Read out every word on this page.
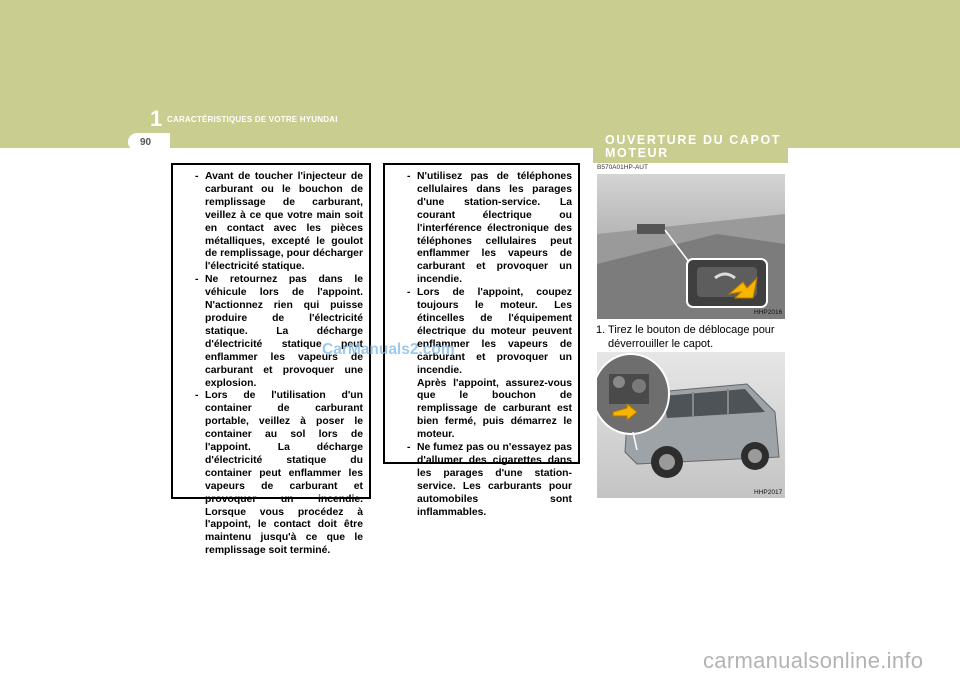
1 CARACTÉRISTIQUES DE VOTRE HYUNDAI
90	OUVERTURE DU CAPOT
MOTEUR
B570A01HP-AUT
- Avant de toucher l'injecteur de carburant ou le bouchon de remplissage de carburant, veillez à ce que votre main soit en contact avec les pièces métalliques, excepté le goulot de remplissage, pour décharger l'électricité statique.
- Ne retournez pas dans le véhicule lors de l'appoint. N'actionnez rien qui puisse produire de l'électricité statique. La décharge d'électricité statique peut enflammer les vapeurs de carburant et provoquer une explosion.
- Lors de l'utilisation d'un container de carburant portable, veillez à poser le container au sol lors de l'appoint. La décharge d'électricité statique du container peut enflammer les vapeurs de carburant et provoquer un incendie. Lorsque vous procédez à l'appoint, le contact doit être maintenu jusqu'à ce que le remplissage soit terminé.
- N'utilisez pas de téléphones cellulaires dans les parages d'une station-service. La courant électrique ou l'interférence électronique des téléphones cellulaires peut enflammer les vapeurs de carburant et provoquer un incendie.
- Lors de l'appoint, coupez toujours le moteur. Les étincelles de l'équipement électrique du moteur peuvent enflammer les vapeurs de carburant et provoquer un incendie.
Après l'appoint, assurez-vous que le bouchon de remplissage de carburant est bien fermé, puis démarrez le moteur.
- Ne fumez pas ou n'essayez pas d'allumer des cigarettes dans les parages d'une station-service. Les carburants pour automobiles sont inflammables.
HHP2016
1. Tirez le bouton de déblocage pour
déverrouiller le capot.
HHP2017
CarManuals2.com
carmanualsonline.info
